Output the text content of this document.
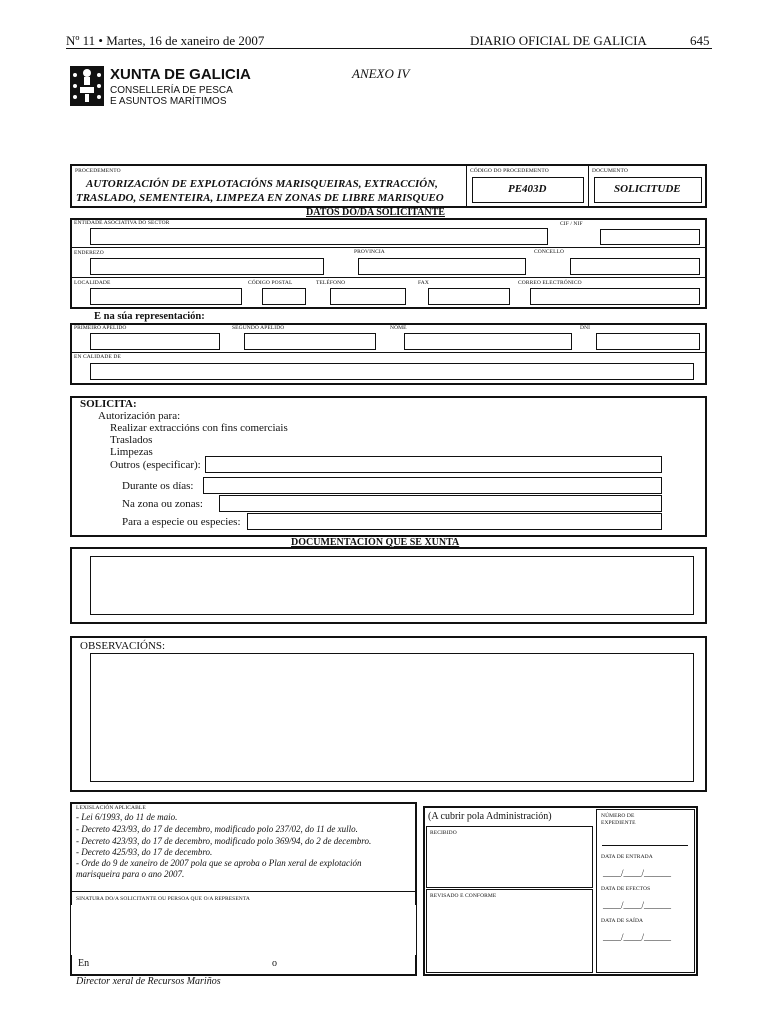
Nº 11 • Martes, 16 de xaneiro de 2007	DIARIO OFICIAL DE GALICIA	645
XUNTA DE GALICIA
CONSELLERÍA DE PESCA
E ASUNTOS MARÍTIMOS
ANEXO IV
PROCEDEMENTO
AUTORIZACIÓN DE EXPLOTACIÓNS MARISQUEIRAS, EXTRACCIÓN,
TRASLADO, SEMENTEIRA, LIMPEZA EN ZONAS DE LIBRE MARISQUEO
CÓDIGO DO PROCEDEMENTO
PE403D
DOCUMENTO
SOLICITUDE
DATOS DO/DA SOLICITANTE
ENTIDADE ASOCIATIVA DO SECTOR	CIF / NIF
ENDEREZO	PROVINCIA	CONCELLO
LOCALIDADE	CÓDIGO POSTAL	TELÉFONO	FAX	CORREO ELECTRÓNICO
E na súa representación:
PRIMEIRO APELIDO	SEGUNDO APELIDO	NOME	DNI
EN CALIDADE DE
SOLICITA:
Autorización para:
Realizar extraccións con fins comerciais
Traslados
Limpezas
Outros (especificar):
Durante os días:
Na zona ou zonas:
Para a especie ou especies:
DOCUMENTACIÓN QUE SE XUNTA
OBSERVACIÓNS:
LEXISLACIÓN APLICABLE
- Lei 6/1993, do 11 de maio.
- Decreto 423/93, do 17 de decembro, modificado polo 237/02, do 11 de xullo.
- Decreto 423/93, do 17 de decembro, modificado polo 369/94, do 2 de decembro.
- Decreto 425/93, do 17 de decembro.
- Orde do 9 de xaneiro de 2007 pola que se aproba o Plan xeral de explotación
marisqueira para o ano 2007.
SINATURA DO/A SOLICITANTE OU PERSOA QUE O/A REPRESENTA
En	o
(A cubrir pola Administración)
RECIBIDO
REVISADO E CONFORME
NÚMERO DE
EXPEDIENTE
DATA DE ENTRADA
____/____/______
DATA DE EFECTOS
____/____/______
DATA DE SAÍDA
____/____/______
Director xeral de Recursos Mariños
